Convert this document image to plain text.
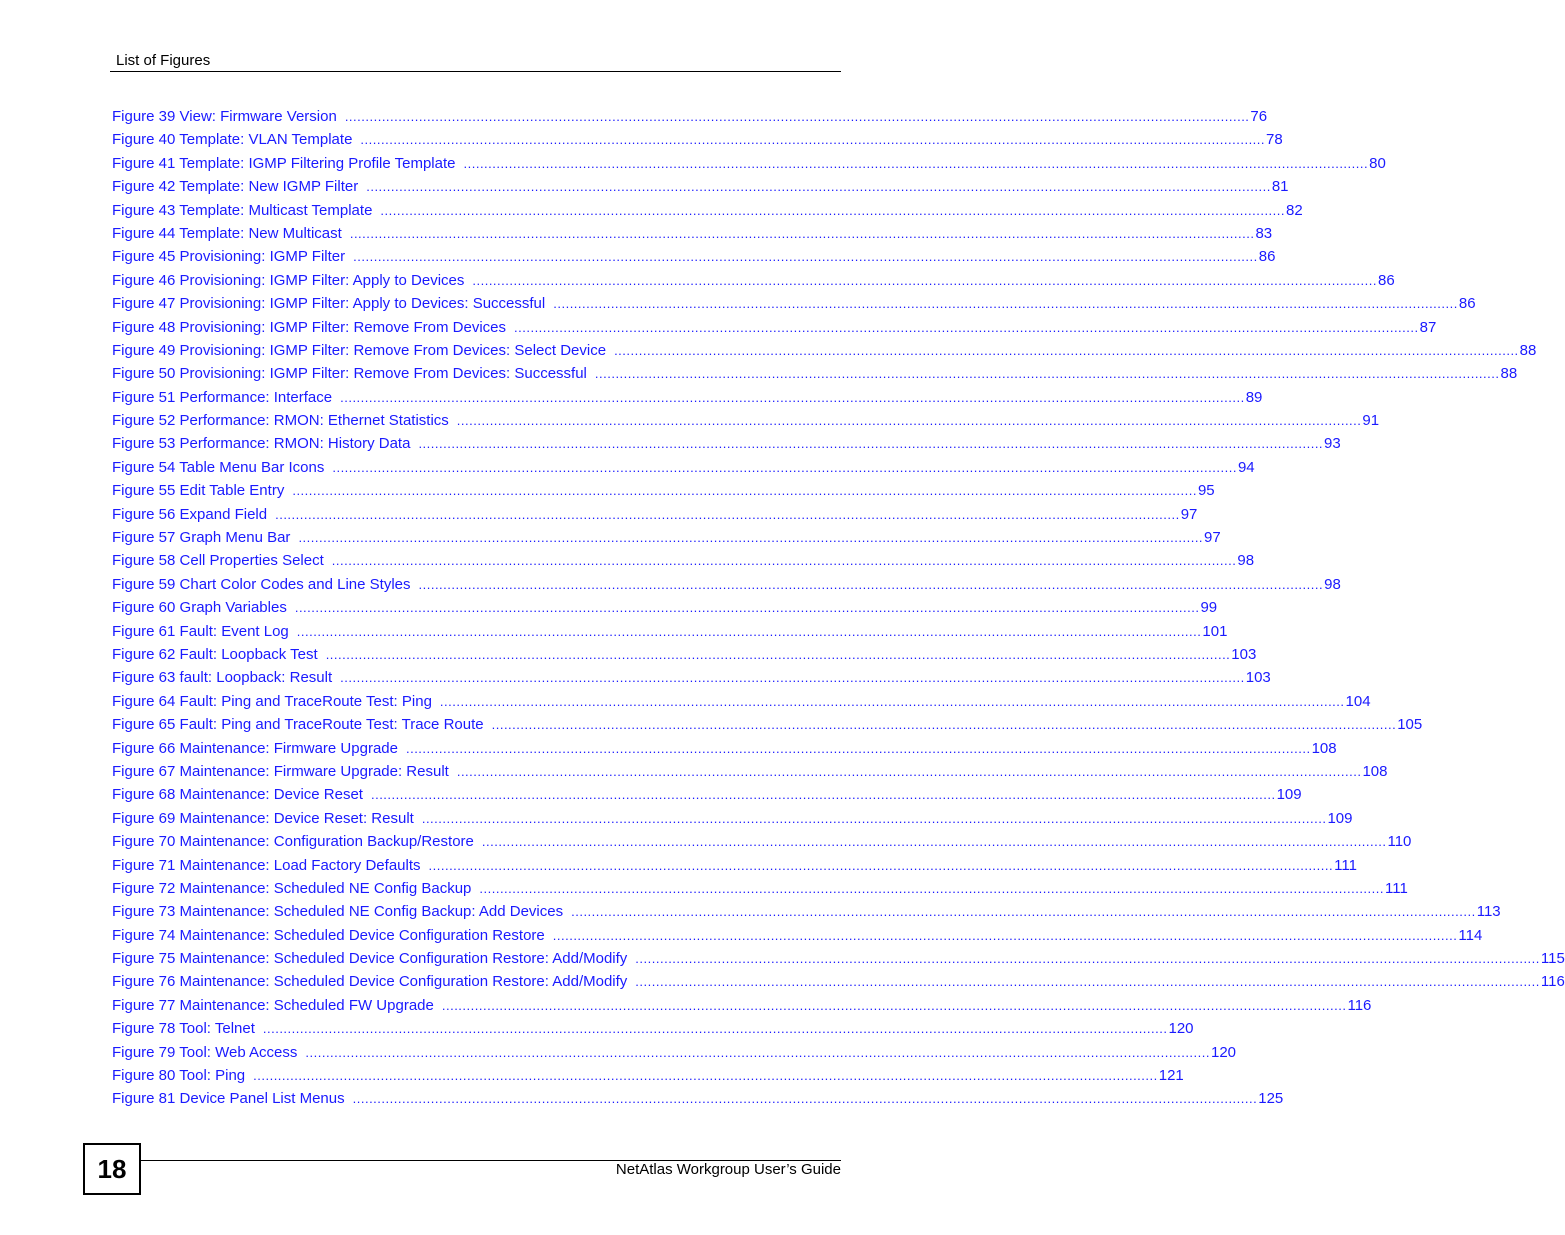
List of Figures
Figure 39 View: Firmware Version ............................................................................................................................................................................................................................ 76
Figure 40 Template: VLAN Template ............................................................................................................................................................................................................................ 78
Figure 41 Template: IGMP Filtering Profile Template ............................................................................................................................................................................................................................ 80
Figure 42 Template: New IGMP Filter ............................................................................................................................................................................................................................ 81
Figure 43 Template: Multicast Template ............................................................................................................................................................................................................................ 82
Figure 44 Template: New Multicast ............................................................................................................................................................................................................................ 83
Figure 45 Provisioning: IGMP Filter ............................................................................................................................................................................................................................ 86
Figure 46 Provisioning: IGMP Filter: Apply to Devices ............................................................................................................................................................................................................................ 86
Figure 47 Provisioning: IGMP Filter: Apply to Devices: Successful ............................................................................................................................................................................................................................ 86
Figure 48 Provisioning: IGMP Filter: Remove From Devices ............................................................................................................................................................................................................................ 87
Figure 49 Provisioning: IGMP Filter: Remove From Devices: Select Device ............................................................................................................................................................................................................................ 88
Figure 50 Provisioning: IGMP Filter: Remove From Devices: Successful ............................................................................................................................................................................................................................ 88
Figure 51 Performance: Interface ............................................................................................................................................................................................................................ 89
Figure 52 Performance: RMON: Ethernet Statistics ............................................................................................................................................................................................................................ 91
Figure 53 Performance: RMON: History Data ............................................................................................................................................................................................................................ 93
Figure 54 Table Menu Bar Icons ............................................................................................................................................................................................................................ 94
Figure 55 Edit Table Entry ............................................................................................................................................................................................................................ 95
Figure 56 Expand Field ............................................................................................................................................................................................................................ 97
Figure 57 Graph Menu Bar ............................................................................................................................................................................................................................ 97
Figure 58 Cell Properties Select ............................................................................................................................................................................................................................ 98
Figure 59 Chart Color Codes and Line Styles ............................................................................................................................................................................................................................ 98
Figure 60 Graph Variables ............................................................................................................................................................................................................................ 99
Figure 61 Fault: Event Log ............................................................................................................................................................................................................................ 101
Figure 62 Fault: Loopback Test ............................................................................................................................................................................................................................ 103
Figure 63 fault: Loopback: Result ............................................................................................................................................................................................................................ 103
Figure 64 Fault: Ping and TraceRoute Test: Ping ............................................................................................................................................................................................................................ 104
Figure 65 Fault: Ping and TraceRoute Test: Trace Route ............................................................................................................................................................................................................................ 105
Figure 66 Maintenance: Firmware Upgrade ............................................................................................................................................................................................................................ 108
Figure 67 Maintenance: Firmware Upgrade: Result ............................................................................................................................................................................................................................ 108
Figure 68 Maintenance: Device Reset ............................................................................................................................................................................................................................ 109
Figure 69 Maintenance: Device Reset: Result ............................................................................................................................................................................................................................ 109
Figure 70 Maintenance: Configuration Backup/Restore ............................................................................................................................................................................................................................ 110
Figure 71 Maintenance: Load Factory Defaults ............................................................................................................................................................................................................................ 111
Figure 72 Maintenance: Scheduled NE Config Backup ............................................................................................................................................................................................................................ 111
Figure 73 Maintenance: Scheduled NE Config Backup: Add Devices ............................................................................................................................................................................................................................ 113
Figure 74 Maintenance: Scheduled Device Configuration Restore ............................................................................................................................................................................................................................ 114
Figure 75 Maintenance: Scheduled Device Configuration Restore: Add/Modify ............................................................................................................................................................................................................................ 115
Figure 76 Maintenance: Scheduled Device Configuration Restore: Add/Modify ............................................................................................................................................................................................................................ 116
Figure 77 Maintenance: Scheduled FW Upgrade ............................................................................................................................................................................................................................ 116
Figure 78 Tool: Telnet ............................................................................................................................................................................................................................ 120
Figure 79 Tool: Web Access ............................................................................................................................................................................................................................ 120
Figure 80 Tool: Ping ............................................................................................................................................................................................................................ 121
Figure 81 Device Panel List Menus ............................................................................................................................................................................................................................ 125
18	NetAtlas Workgroup User’s Guide
